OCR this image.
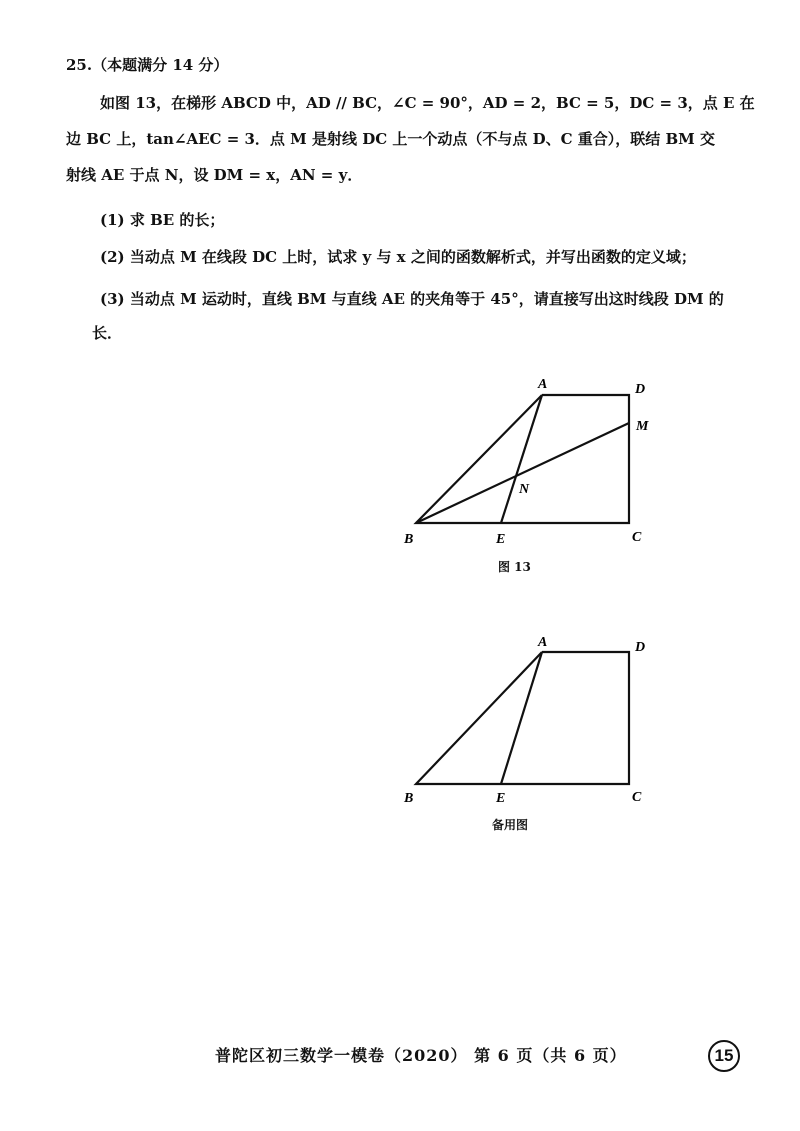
25.（本题满分 14 分）
如图 13，在梯形 ABCD 中，AD // BC，∠C = 90°，AD = 2，BC = 5，DC = 3，点 E 在
边 BC 上，tan∠AEC = 3．点 M 是射线 DC 上一个动点（不与点 D、C 重合），联结 BM 交
射线 AE 于点 N，设 DM = x，AN = y．
(1) 求 BE 的长；
(2) 当动点 M 在线段 DC 上时，试求 y 与 x 之间的函数解析式，并写出函数的定义域；
(3) 当动点 M 运动时，直线 BM 与直线 AE 的夹角等于 45°，请直接写出这时线段 DM 的
长．
A	D
M
N
B	E	C
A	D
B	E	C
图 13
备用图
普陀区初三数学一模卷（2020） 第 6 页（共 6 页）	15
